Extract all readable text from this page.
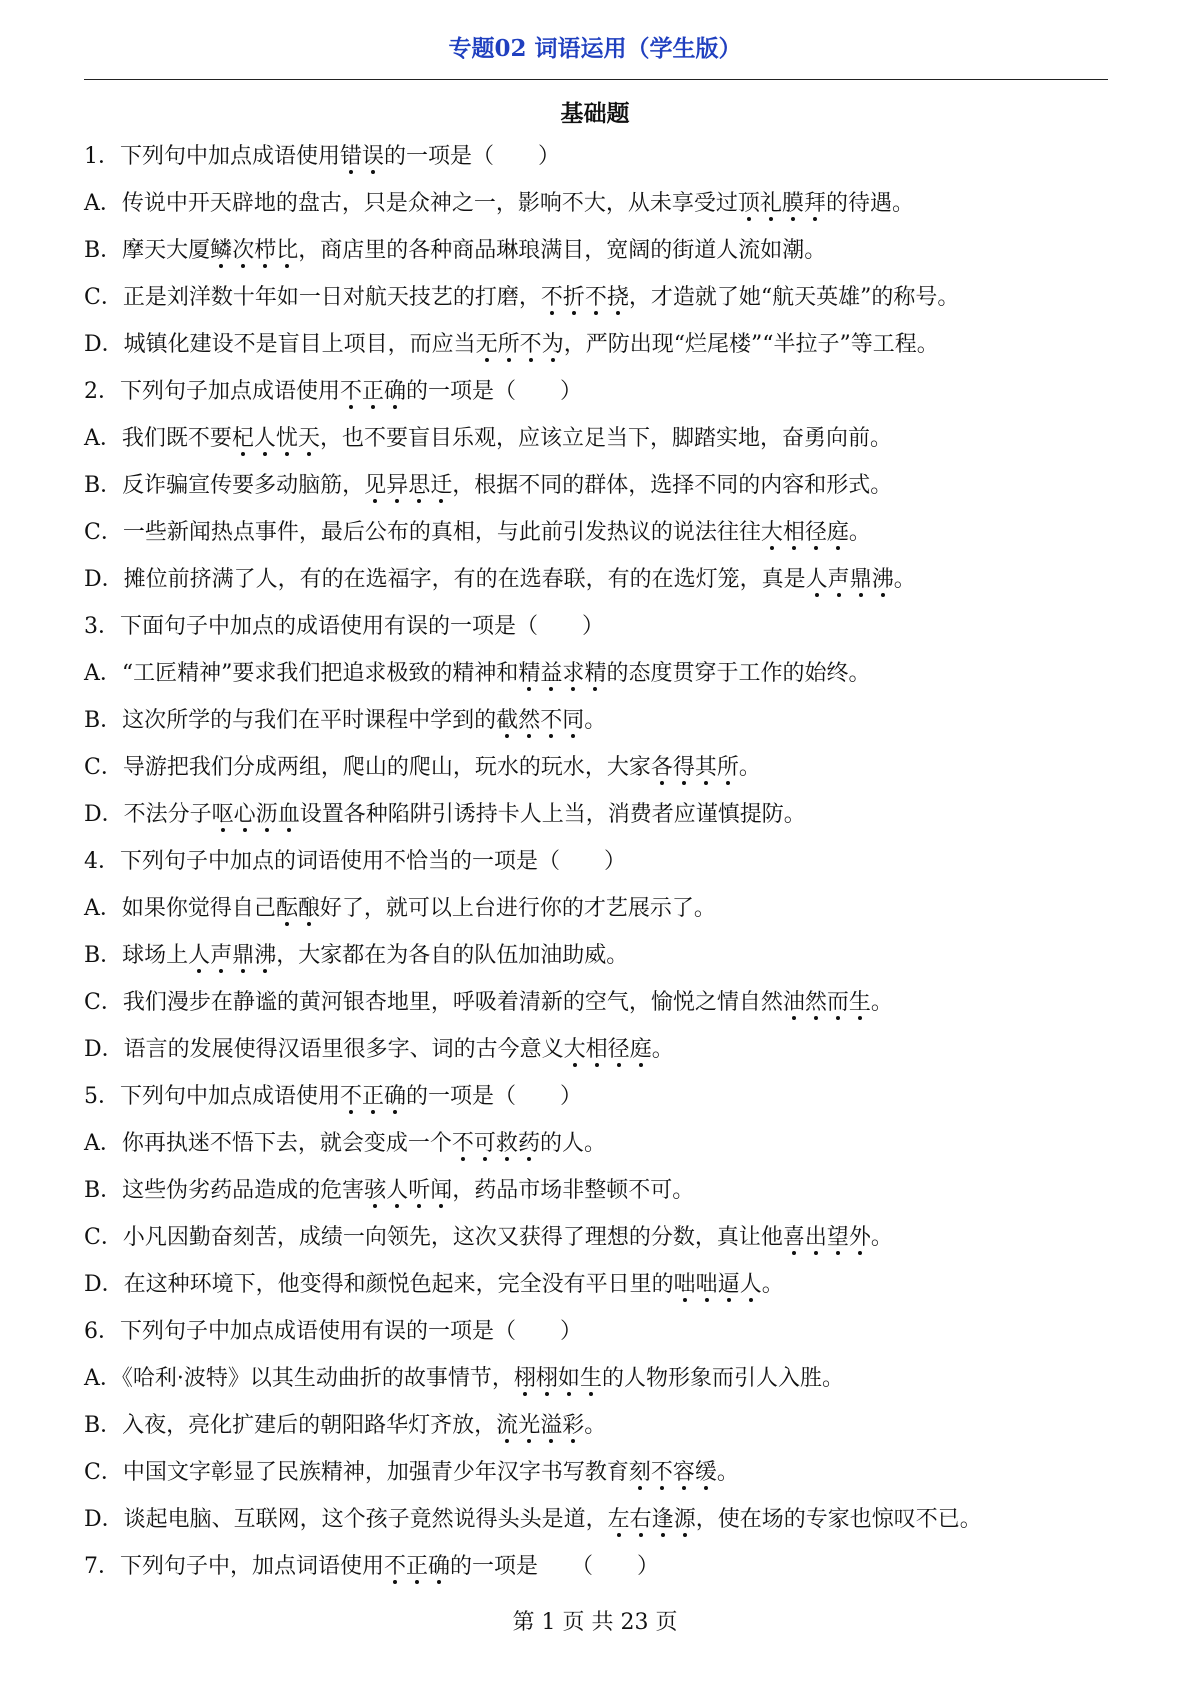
专题02 词语运用（学生版）
基础题
1．下列句中加点成语使用错误的一项是（　　）
A．传说中开天辟地的盘古，只是众神之一，影响不大，从未享受过顶礼膜拜的待遇。
B．摩天大厦鳞次栉比，商店里的各种商品琳琅满目，宽阔的街道人流如潮。
C．正是刘洋数十年如一日对航天技艺的打磨，不折不挠，才造就了她“航天英雄”的称号。
D．城镇化建设不是盲目上项目，而应当无所不为，严防出现“烂尾楼”“半拉子”等工程。
2．下列句子加点成语使用不正确的一项是（　　）
A．我们既不要杞人忧天，也不要盲目乐观，应该立足当下，脚踏实地，奋勇向前。
B．反诈骗宣传要多动脑筋，见异思迁，根据不同的群体，选择不同的内容和形式。
C．一些新闻热点事件，最后公布的真相，与此前引发热议的说法往往大相径庭。
D．摊位前挤满了人，有的在选福字，有的在选春联，有的在选灯笼，真是人声鼎沸。
3．下面句子中加点的成语使用有误的一项是（　　）
A．“工匠精神”要求我们把追求极致的精神和精益求精的态度贯穿于工作的始终。
B．这次所学的与我们在平时课程中学到的截然不同。
C．导游把我们分成两组，爬山的爬山，玩水的玩水，大家各得其所。
D．不法分子呕心沥血设置各种陷阱引诱持卡人上当，消费者应谨慎提防。
4．下列句子中加点的词语使用不恰当的一项是（　　）
A．如果你觉得自己酝酿好了，就可以上台进行你的才艺展示了。
B．球场上人声鼎沸，大家都在为各自的队伍加油助威。
C．我们漫步在静谧的黄河银杏地里，呼吸着清新的空气，愉悦之情自然油然而生。
D．语言的发展使得汉语里很多字、词的古今意义大相径庭。
5．下列句中加点成语使用不正确的一项是（　　）
A．你再执迷不悟下去，就会变成一个不可救药的人。
B．这些伪劣药品造成的危害骇人听闻，药品市场非整顿不可。
C．小凡因勤奋刻苦，成绩一向领先，这次又获得了理想的分数，真让他喜出望外。
D．在这种环境下，他变得和颜悦色起来，完全没有平日里的咄咄逼人。
6．下列句子中加点成语使用有误的一项是（　　）
A．《哈利·波特》以其生动曲折的故事情节，栩栩如生的人物形象而引人入胜。
B．入夜，亮化扩建后的朝阳路华灯齐放，流光溢彩。
C．中国文字彰显了民族精神，加强青少年汉字书写教育刻不容缓。
D．谈起电脑、互联网，这个孩子竟然说得头头是道，左右逢源，使在场的专家也惊叹不已。
7．下列句子中，加点词语使用不正确的一项是　　（　　）
第 1 页 共 23 页
